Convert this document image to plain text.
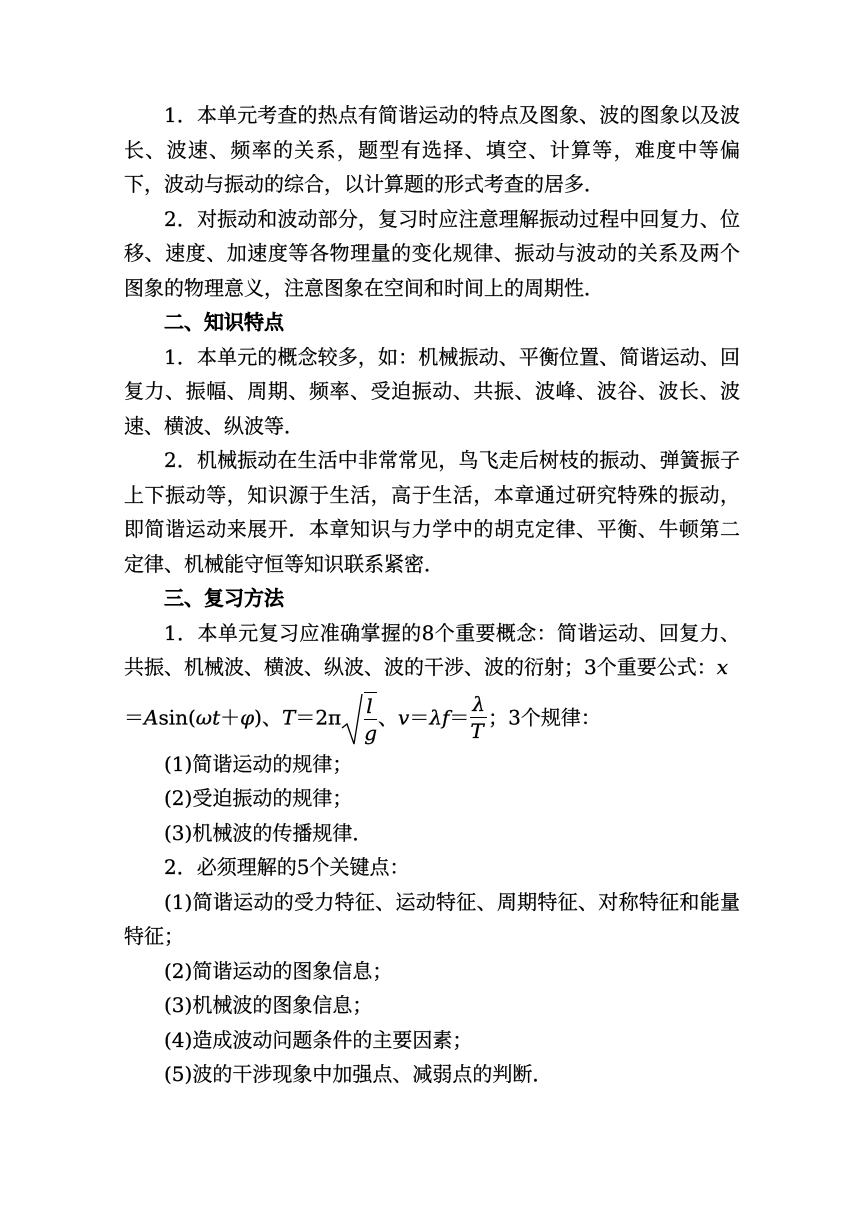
1．本单元考查的热点有简谐运动的特点及图象、波的图象以及波长、波速、频率的关系，题型有选择、填空、计算等，难度中等偏下，波动与振动的综合，以计算题的形式考查的居多．

2．对振动和波动部分，复习时应注意理解振动过程中回复力、位移、速度、加速度等各物理量的变化规律、振动与波动的关系及两个图象的物理意义，注意图象在空间和时间上的周期性．

二、知识特点

1．本单元的概念较多，如：机械振动、平衡位置、简谐运动、回复力、振幅、周期、频率、受迫振动、共振、波峰、波谷、波长、波速、横波、纵波等．

2．机械振动在生活中非常常见，鸟飞走后树枝的振动、弹簧振子上下振动等，知识源于生活，高于生活，本章通过研究特殊的振动，即简谐运动来展开．本章知识与力学中的胡克定律、平衡、牛顿第二定律、机械能守恒等知识联系紧密．

三、复习方法

1．本单元复习应准确掌握的8个重要概念：简谐运动、回复力、共振、机械波、横波、纵波、波的干涉、波的衍射；3个重要公式：x

＝Asin(ωt＋φ)、$T=2\pi \frac{l}{g}$ 、$v=\lambda f= \frac{\lambda}{T}$ ；3个规律：

(1)简谐运动的规律；

(2)受迫振动的规律；

(3)机械波的传播规律．

2．必须理解的5个关键点：

(1)简谐运动的受力特征、运动特征、周期特征、对称特征和能量特征；

(2)简谐运动的图象信息；

(3)机械波的图象信息；

(4)造成波动问题条件的主要因素；

(5)波的干涉现象中加强点、减弱点的判断．
